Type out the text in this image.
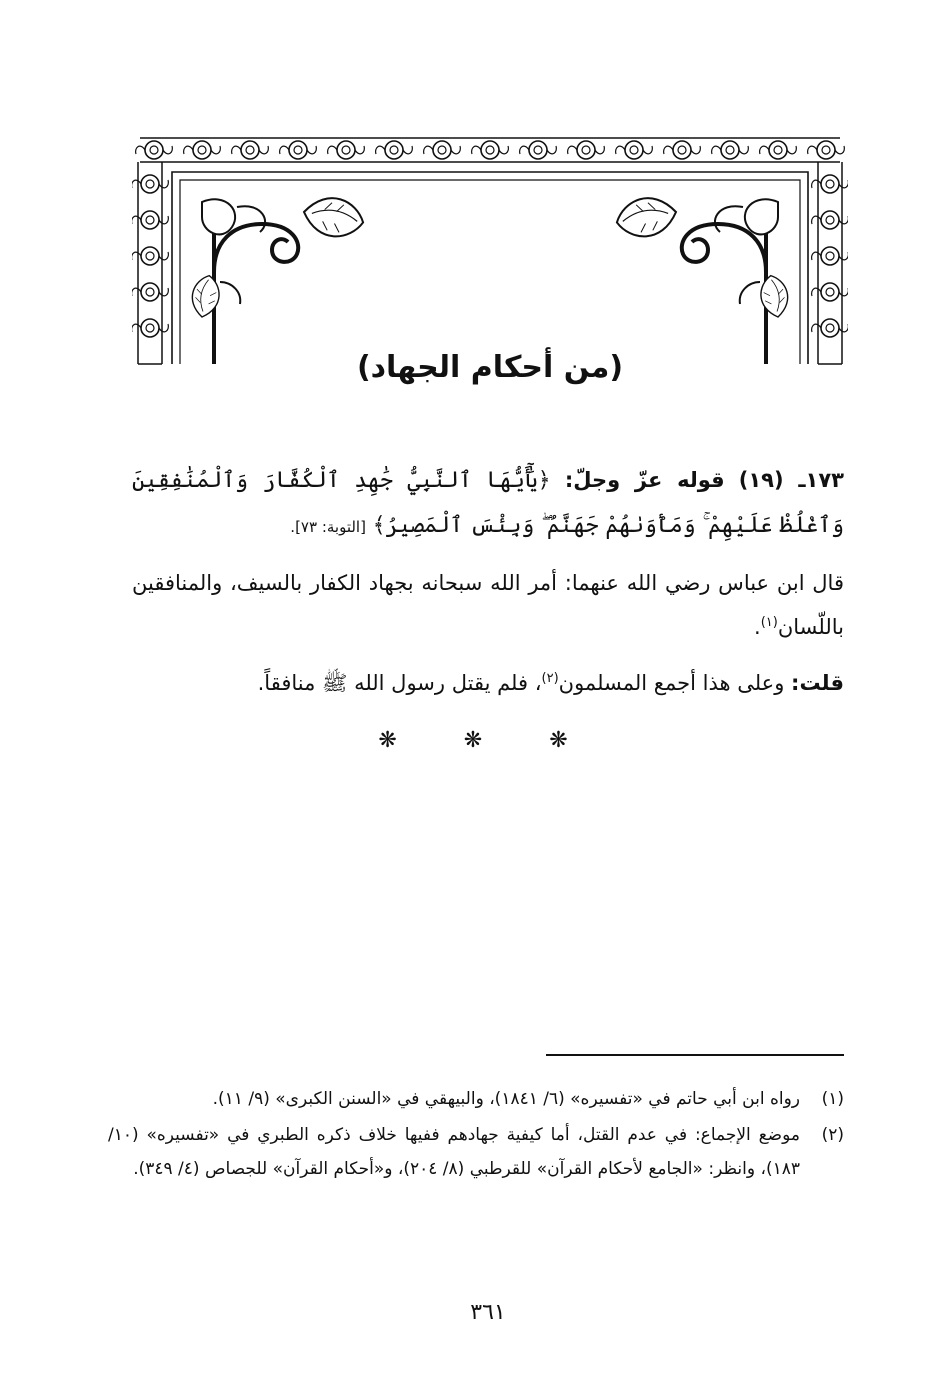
(من أحكام الجهاد)

١٧٣ـ (١٩) قوله عزّ وجلّ: ﴿يَٰٓأَيُّهَا ٱلنَّبِيُّ جَٰهِدِ ٱلْكُفَّارَ وَٱلْمُنَٰفِقِينَ وَٱغْلُظْ عَلَيْهِمْ ۚ وَمَأْوَىٰهُمْ جَهَنَّمُ ۖ وَبِئْسَ ٱلْمَصِيرُ﴾ [التوبة: ٧٣].

قال ابن عباس رضي الله عنهما: أمر الله سبحانه بجهاد الكفار بالسيف، والمنافقين باللّسان$^{(١)}$.

قلت: وعلى هذا أجمع المسلمون$^{(٢)}$، فلم يقتل رسول الله ﷺ منافقاً.

❋ ❋ ❋
(١)
رواه ابن أبي حاتم في «تفسيره» (٦/ ١٨٤١)، والبيهقي في «السنن الكبرى» (٩/ ١١).
(٢)
موضع الإجماع: في عدم القتل، أما كيفية جهادهم ففيها خلاف ذكره الطبري في «تفسيره» (١٠/ ١٨٣)، وانظر: «الجامع لأحكام القرآن» للقرطبي (٨/ ٢٠٤)، و«أحكام القرآن» للجصاص (٤/ ٣٤٩).
٣٦١
